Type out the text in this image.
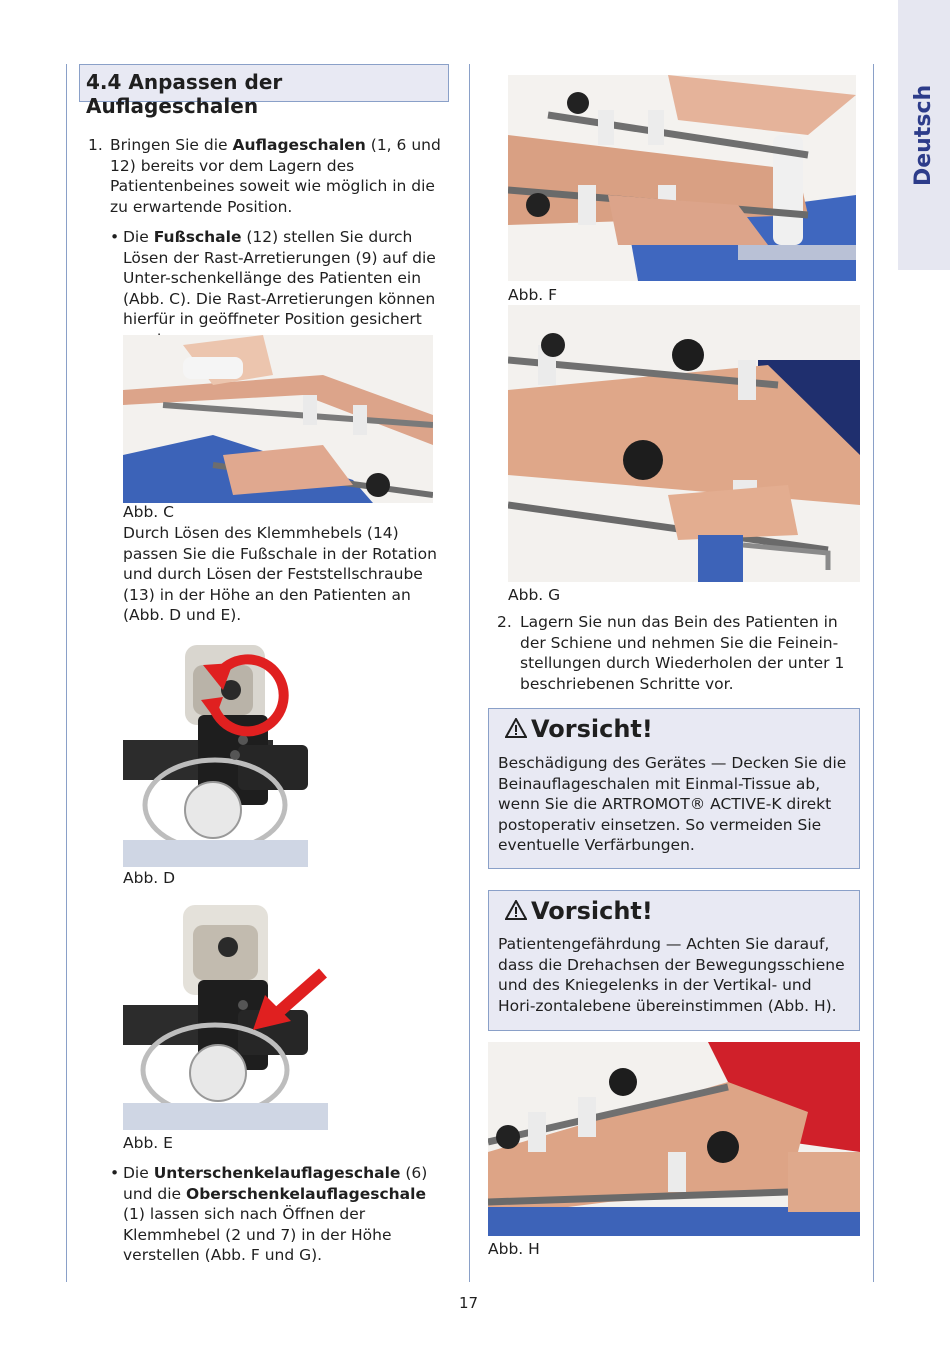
Deutsch
4.4 Anpassen der Auflageschalen
1. Bringen Sie die Auflageschalen (1, 6 und 12) bereits vor dem Lagern des Patientenbeines soweit wie möglich in die zu erwartende Position.
• Die Fußschale (12) stellen Sie durch Lösen der Rast-Arretierungen (9) auf die Unter-schenkellänge des Patienten ein (Abb. C). Die Rast-Arretierungen können hierfür in geöffneter Position gesichert
Abb. C
Durch Lösen des Klemmhebels (14) passen Sie die Fußschale in der Rotation und durch Lösen der Feststellschraube (13) in der Höhe an den Patienten an (Abb. D und E).
Abb. D
Abb. E
• Die Unterschenkelauflageschale (6) und die Oberschenkelauflageschale (1) lassen sich nach Öffnen der Klemmhebel (2 und 7) in der Höhe verstellen (Abb. F und G).
Abb. F
Abb. G
2. Lagern Sie nun das Bein des Patienten in der Schiene und nehmen Sie die Feinein-stellungen durch Wiederholen der unter 1 beschriebenen Schritte vor.
Vorsicht!
Beschädigung des Gerätes — Decken Sie die Beinauflageschalen mit Einmal-Tissue ab, wenn Sie die ARTROMOT® ACTIVE-K direkt postoperativ einsetzen. So vermeiden Sie eventuelle Verfärbungen.
Vorsicht!
Patientengefährdung — Achten Sie darauf, dass die Drehachsen der Bewegungsschiene und des Kniegelenks in der Vertikal- und Hori-zontalebene übereinstimmen (Abb. H).
Abb. H
17
